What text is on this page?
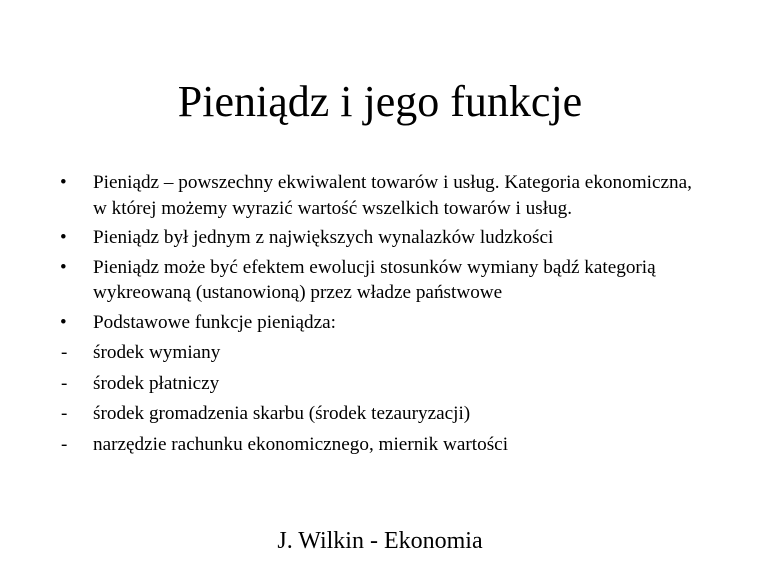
Pieniądz i jego funkcje
•	Pieniądz – powszechny ekwiwalent towarów i usług. Kategoria ekonomiczna, w której możemy wyrazić wartość wszelkich towarów i usług.
•	Pieniądz był jednym z największych wynalazków ludzkości
•	Pieniądz może być efektem ewolucji stosunków wymiany bądź kategorią wykreowaną (ustanowioną) przez władze państwowe
•	Podstawowe funkcje pieniądza:
-	środek wymiany
-	środek płatniczy
-	środek gromadzenia skarbu (środek tezauryzacji)
-	narzędzie rachunku ekonomicznego, miernik wartości
J. Wilkin - Ekonomia
